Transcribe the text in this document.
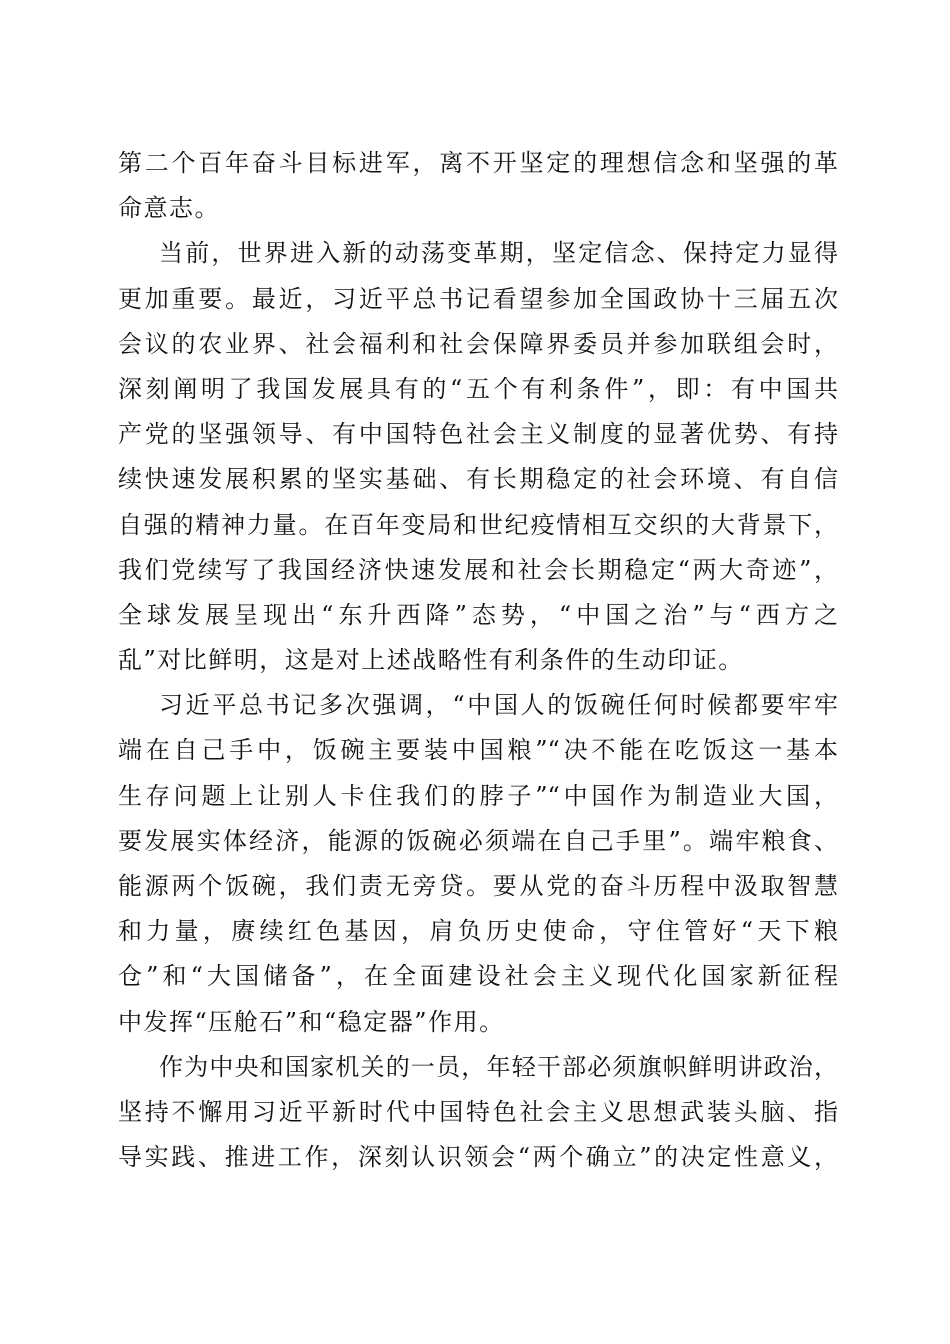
第二个百年奋斗目标进军，离不开坚定的理想信念和坚强的革
命意志。
当前，世界进入新的动荡变革期，坚定信念、保持定力显得
更加重要。最近，习近平总书记看望参加全国政协十三届五次
会议的农业界、社会福利和社会保障界委员并参加联组会时，
深刻阐明了我国发展具有的“五个有利条件”，即：有中国共
产党的坚强领导、有中国特色社会主义制度的显著优势、有持
续快速发展积累的坚实基础、有长期稳定的社会环境、有自信
自强的精神力量。在百年变局和世纪疫情相互交织的大背景下，
我们党续写了我国经济快速发展和社会长期稳定“两大奇迹”，
全球发展呈现出“东升西降”态势，“中国之治”与“西方之
乱”对比鲜明，这是对上述战略性有利条件的生动印证。
习近平总书记多次强调，“中国人的饭碗任何时候都要牢牢
端在自己手中，饭碗主要装中国粮”“决不能在吃饭这一基本
生存问题上让别人卡住我们的脖子”“中国作为制造业大国，
要发展实体经济，能源的饭碗必须端在自己手里”。端牢粮食、
能源两个饭碗，我们责无旁贷。要从党的奋斗历程中汲取智慧
和力量，赓续红色基因，肩负历史使命，守住管好“天下粮
仓”和“大国储备”，在全面建设社会主义现代化国家新征程
中发挥“压舱石”和“稳定器”作用。
作为中央和国家机关的一员，年轻干部必须旗帜鲜明讲政治，
坚持不懈用习近平新时代中国特色社会主义思想武装头脑、指
导实践、推进工作，深刻认识领会“两个确立”的决定性意义，
